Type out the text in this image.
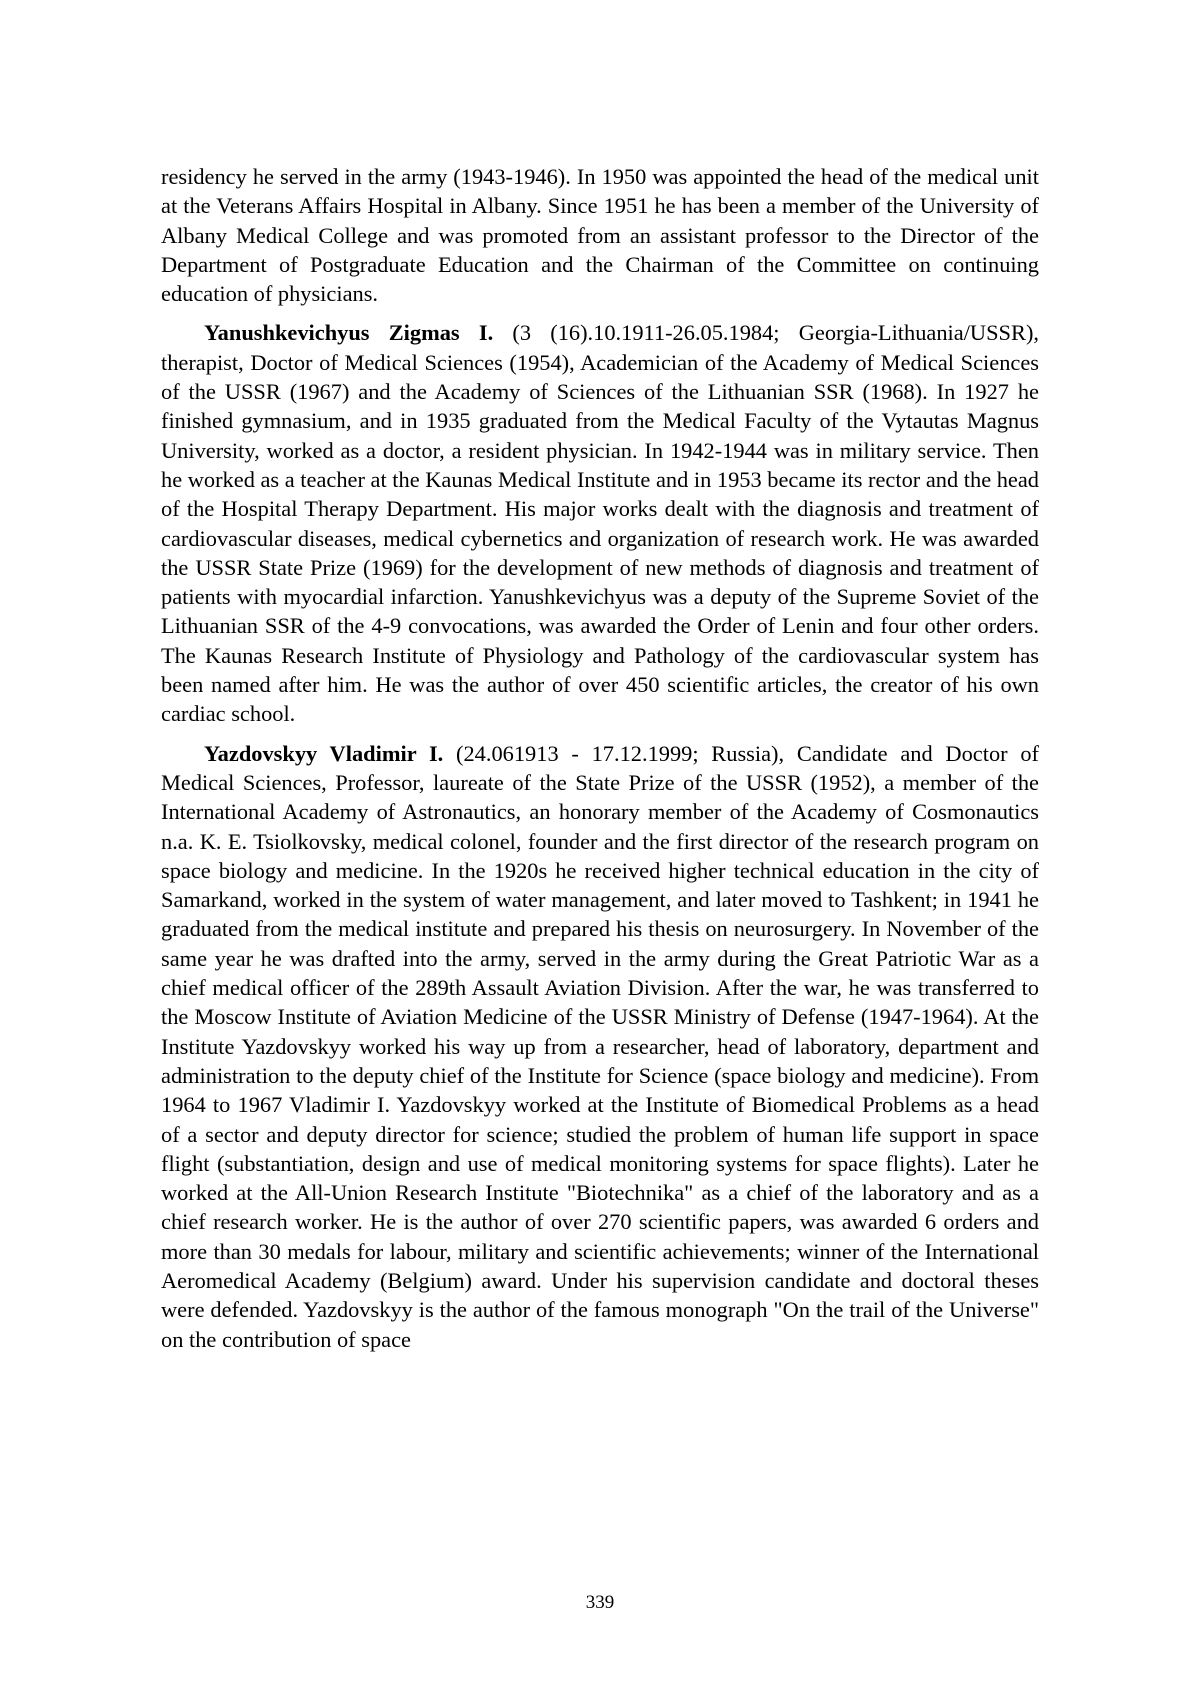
residency he served in the army (1943-1946). In 1950 was appointed the head of the medical unit at the Veterans Affairs Hospital in Albany. Since 1951 he has been a member of the University of Albany Medical College and was promoted from an assistant professor to the Director of the Department of Postgraduate Education and the Chairman of the Committee on continuing education of physicians.

Yanushkevichyus Zigmas I. (3 (16).10.1911-26.05.1984; Georgia-Lithuania/USSR), therapist, Doctor of Medical Sciences (1954), Academician of the Academy of Medical Sciences of the USSR (1967) and the Academy of Sciences of the Lithuanian SSR (1968). In 1927 he finished gymnasium, and in 1935 graduated from the Medical Faculty of the Vytautas Magnus University, worked as a doctor, a resident physician. In 1942-1944 was in military service. Then he worked as a teacher at the Kaunas Medical Institute and in 1953 became its rector and the head of the Hospital Therapy Department. His major works dealt with the diagnosis and treatment of cardiovascular diseases, medical cybernetics and organization of research work. He was awarded the USSR State Prize (1969) for the development of new methods of diagnosis and treatment of patients with myocardial infarction. Yanushkevichyus was a deputy of the Supreme Soviet of the Lithuanian SSR of the 4-9 convocations, was awarded the Order of Lenin and four other orders. The Kaunas Research Institute of Physiology and Pathology of the cardiovascular system has been named after him. He was the author of over 450 scientific articles, the creator of his own cardiac school.

Yazdovskyy Vladimir I. (24.061913 - 17.12.1999; Russia), Candidate and Doctor of Medical Sciences, Professor, laureate of the State Prize of the USSR (1952), a member of the International Academy of Astronautics, an honorary member of the Academy of Cosmonautics n.a. K. E. Tsiolkovsky, medical colonel, founder and the first director of the research program on space biology and medicine. In the 1920s he received higher technical education in the city of Samarkand, worked in the system of water management, and later moved to Tashkent; in 1941 he graduated from the medical institute and prepared his thesis on neurosurgery. In November of the same year he was drafted into the army, served in the army during the Great Patriotic War as a chief medical officer of the 289th Assault Aviation Division. After the war, he was transferred to the Moscow Institute of Aviation Medicine of the USSR Ministry of Defense (1947-1964). At the Institute Yazdovskyy worked his way up from a researcher, head of laboratory, department and administration to the deputy chief of the Institute for Science (space biology and medicine). From 1964 to 1967 Vladimir I. Yazdovskyy worked at the Institute of Biomedical Problems as a head of a sector and deputy director for science; studied the problem of human life support in space flight (substantiation, design and use of medical monitoring systems for space flights). Later he worked at the All-Union Research Institute "Biotechnika" as a chief of the laboratory and as a chief research worker. He is the author of over 270 scientific papers, was awarded 6 orders and more than 30 medals for labour, military and scientific achievements; winner of the International Aeromedical Academy (Belgium) award. Under his supervision candidate and doctoral theses were defended. Yazdovskyy is the author of the famous monograph "On the trail of the Universe" on the contribution of space

339
